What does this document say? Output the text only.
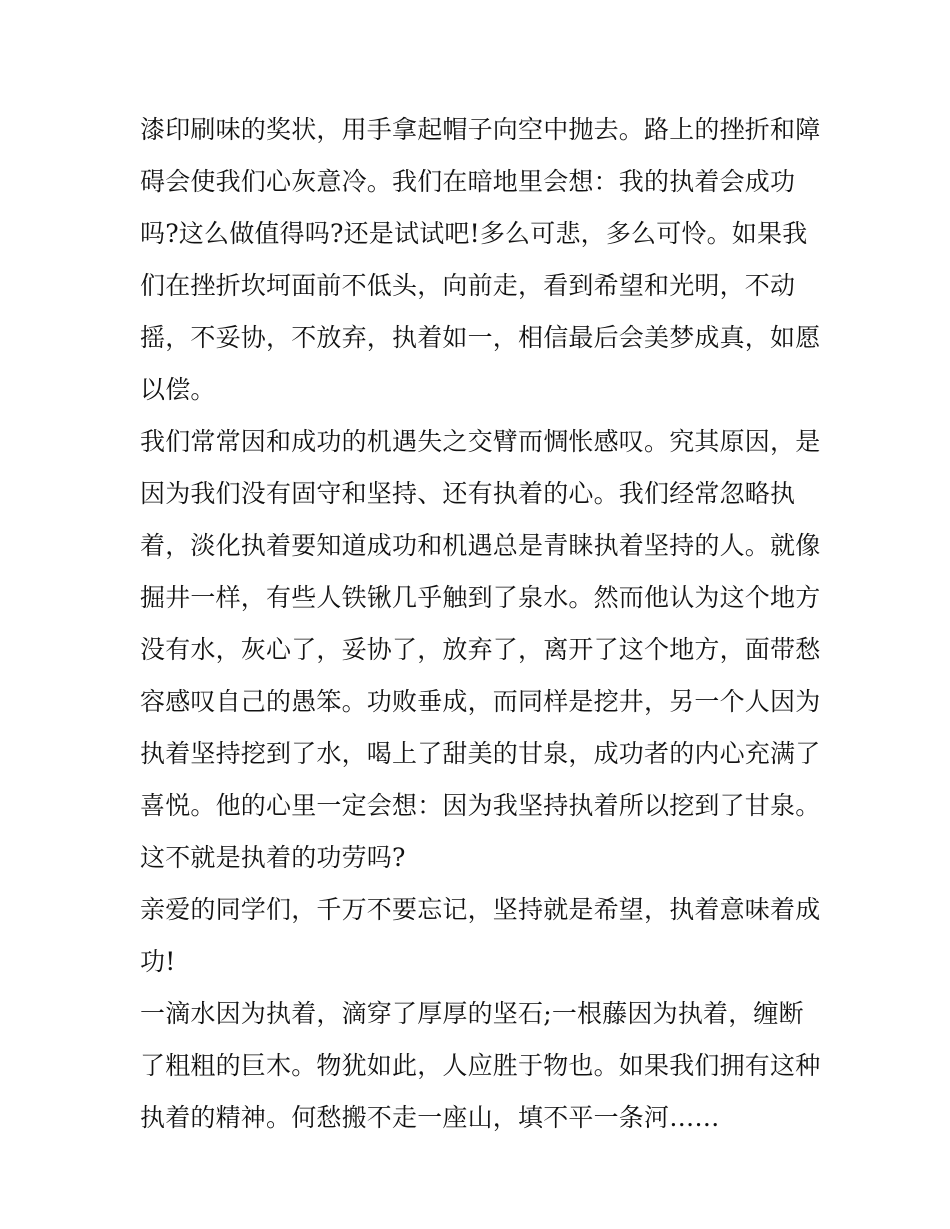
漆印刷味的奖状，用手拿起帽子向空中抛去。路上的挫折和障
碍会使我们心灰意冷。我们在暗地里会想：我的执着会成功
吗?这么做值得吗?还是试试吧!多么可悲，多么可怜。如果我
们在挫折坎坷面前不低头，向前走，看到希望和光明，不动
摇，不妥协，不放弃，执着如一，相信最后会美梦成真，如愿
以偿。
我们常常因和成功的机遇失之交臂而惆怅感叹。究其原因，是
因为我们没有固守和坚持、还有执着的心。我们经常忽略执
着，淡化执着要知道成功和机遇总是青睐执着坚持的人。就像
掘井一样，有些人铁锹几乎触到了泉水。然而他认为这个地方
没有水，灰心了，妥协了，放弃了，离开了这个地方，面带愁
容感叹自己的愚笨。功败垂成，而同样是挖井，另一个人因为
执着坚持挖到了水，喝上了甜美的甘泉，成功者的内心充满了
喜悦。他的心里一定会想：因为我坚持执着所以挖到了甘泉。
这不就是执着的功劳吗?
亲爱的同学们，千万不要忘记，坚持就是希望，执着意味着成
功!
一滴水因为执着，滴穿了厚厚的坚石;一根藤因为执着，缠断
了粗粗的巨木。物犹如此，人应胜于物也。如果我们拥有这种
执着的精神。何愁搬不走一座山，填不平一条河……
